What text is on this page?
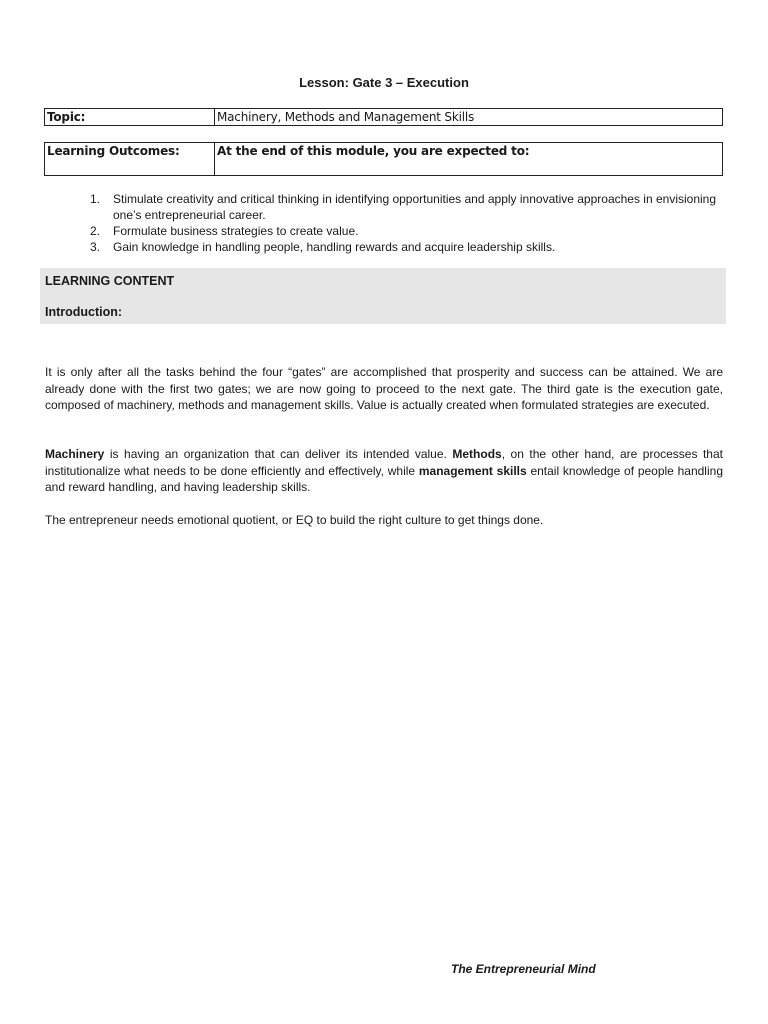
Lesson: Gate 3 – Execution
Topic:	Machinery, Methods and Management Skills
Learning Outcomes:	At the end of this module, you are expected to:
1.	Stimulate creativity and critical thinking in identifying opportunities and apply innovative approaches in envisioning one’s entrepreneurial career.
2.	Formulate business strategies to create value.
3.	Gain knowledge in handling people, handling rewards and acquire leadership skills.
LEARNING CONTENT
Introduction:

It is only after all the tasks behind the four “gates” are accomplished that prosperity and success can be attained. We are already done with the first two gates; we are now going to proceed to the next gate. The third gate is the execution gate, composed of machinery, methods and management skills. Value is actually created when formulated strategies are executed.

Machinery is having an organization that can deliver its intended value. Methods, on the other hand, are processes that institutionalize what needs to be done efficiently and effectively, while management skills entail knowledge of people handling and reward handling, and having leadership skills.

The entrepreneur needs emotional quotient, or EQ to build the right culture to get things done.

The Entrepreneurial Mind
